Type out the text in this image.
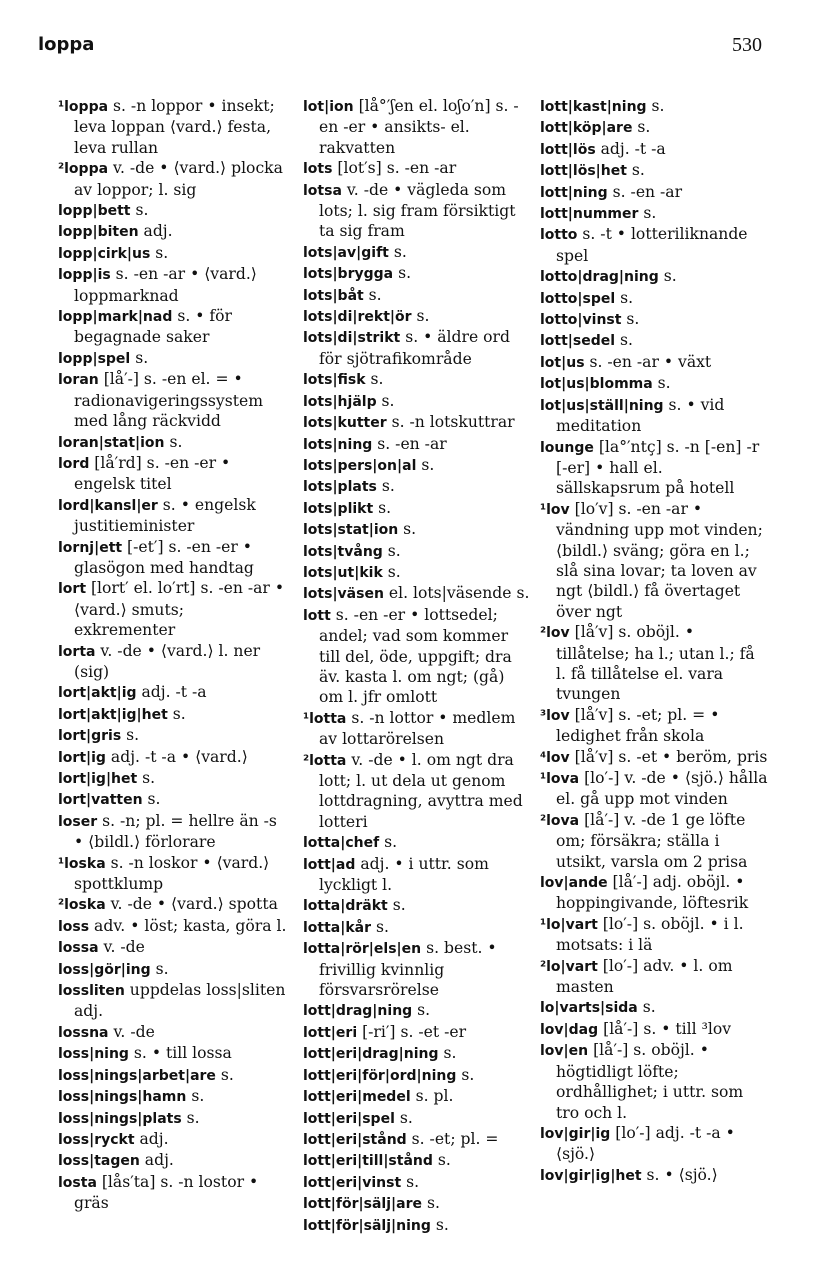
loppa	530

¹loppa s. -n loppor • insekt; leva loppan ⟨vard.⟩ festa, leva rullan

²loppa v. -de • ⟨vard.⟩ plocka av loppor; l. sig

lopp|bett s.

lopp|biten adj.

lopp|cirk|us s.

lopp|is s. -en -ar • ⟨vard.⟩ loppmarknad

lopp|mark|nad s. • för begagnade saker

lopp|spel s.

loran [lå′-] s. -en el. = • radionavigeringssystem med lång räckvidd

loran|stat|ion s.

lord [lå′rd] s. -en -er • engelsk titel

lord|kansl|er s. • engelsk justitieminister

lornj|ett [-et′] s. -en -er • glasögon med handtag

lort [lort′ el. lo′rt] s. -en -ar • ⟨vard.⟩ smuts; exkrementer

lorta v. -de • ⟨vard.⟩ l. ner (sig)

lort|akt|ig adj. -t -a

lort|akt|ig|het s.

lort|gris s.

lort|ig adj. -t -a • ⟨vard.⟩

lort|ig|het s.

lort|vatten s.

loser s. -n; pl. = hellre än -s • ⟨bildl.⟩ förlorare

¹loska s. -n loskor • ⟨vard.⟩ spottklump

²loska v. -de • ⟨vard.⟩ spotta

loss adv. • löst; kasta, göra l.

lossa v. -de

loss|gör|ing s.

lossliten uppdelas loss|sliten adj.

lossna v. -de

loss|ning s. • till lossa

loss|nings|arbet|are s.

loss|nings|hamn s.

loss|nings|plats s.

loss|ryckt adj.

loss|tagen adj.

losta [lås′ta] s. -n lostor • gräs

lot|ion [lå°′ʃen el. loʃo′n] s. -en -er • ansikts- el. rakvatten

lots [lot′s] s. -en -ar

lotsa v. -de • vägleda som lots; l. sig fram försiktigt ta sig fram

lots|av|gift s.

lots|brygga s.

lots|båt s.

lots|di|rekt|ör s.

lots|di|strikt s. • äldre ord för sjötrafikområde

lots|fisk s.

lots|hjälp s.

lots|kutter s. -n lotskuttrar

lots|ning s. -en -ar

lots|pers|on|al s.

lots|plats s.

lots|plikt s.

lots|stat|ion s.

lots|tvång s.

lots|ut|kik s.

lots|väsen el. lots|väsende s.

lott s. -en -er • lottsedel; andel; vad som kommer till del, öde, uppgift; dra äv. kasta l. om ngt; (gå) om l. jfr omlott

¹lotta s. -n lottor • medlem av lottarörelsen

²lotta v. -de • l. om ngt dra lott; l. ut dela ut genom lottdragning, avyttra med lotteri

lotta|chef s.

lott|ad adj. • i uttr. som lyckligt l.

lotta|dräkt s.

lotta|kår s.

lotta|rör|els|en s. best. • frivillig kvinnlig försvarsrörelse

lott|drag|ning s.

lott|eri [-ri′] s. -et -er

lott|eri|drag|ning s.

lott|eri|för|ord|ning s.

lott|eri|medel s. pl.

lott|eri|spel s.

lott|eri|stånd s. -et; pl. =

lott|eri|till|stånd s.

lott|eri|vinst s.

lott|för|sälj|are s.

lott|för|sälj|ning s.

lott|kast|ning s.

lott|köp|are s.

lott|lös adj. -t -a

lott|lös|het s.

lott|ning s. -en -ar

lott|nummer s.

lotto s. -t • lotteriliknande spel

lotto|drag|ning s.

lotto|spel s.

lotto|vinst s.

lott|sedel s.

lot|us s. -en -ar • växt

lot|us|blomma s.

lot|us|ställ|ning s. • vid meditation

lounge [la°′ntç] s. -n [-en] -r [-er] • hall el. sällskapsrum på hotell

¹lov [lo′v] s. -en -ar • vändning upp mot vinden; ⟨bildl.⟩ sväng; göra en l.; slå sina lovar; ta loven av ngt ⟨bildl.⟩ få övertaget över ngt

²lov [lå′v] s. oböjl. • tillåtelse; ha l.; utan l.; få l. få tillåtelse el. vara tvungen

³lov [lå′v] s. -et; pl. = • ledighet från skola

⁴lov [lå′v] s. -et • beröm, pris

¹lova [lo′-] v. -de • ⟨sjö.⟩ hålla el. gå upp mot vinden

²lova [lå′-] v. -de 1 ge löfte om; försäkra; ställa i utsikt, varsla om 2 prisa

lov|ande [lå′-] adj. oböjl. • hoppingivande, löftesrik

¹lo|vart [lo′-] s. oböjl. • i l. motsats: i lä

²lo|vart [lo′-] adv. • l. om masten

lo|varts|sida s.

lov|dag [lå′-] s. • till ³lov

lov|en [lå′-] s. oböjl. • högtidligt löfte; ordhållighet; i uttr. som tro och l.

lov|gir|ig [lo′-] adj. -t -a • ⟨sjö.⟩

lov|gir|ig|het s. • ⟨sjö.⟩
